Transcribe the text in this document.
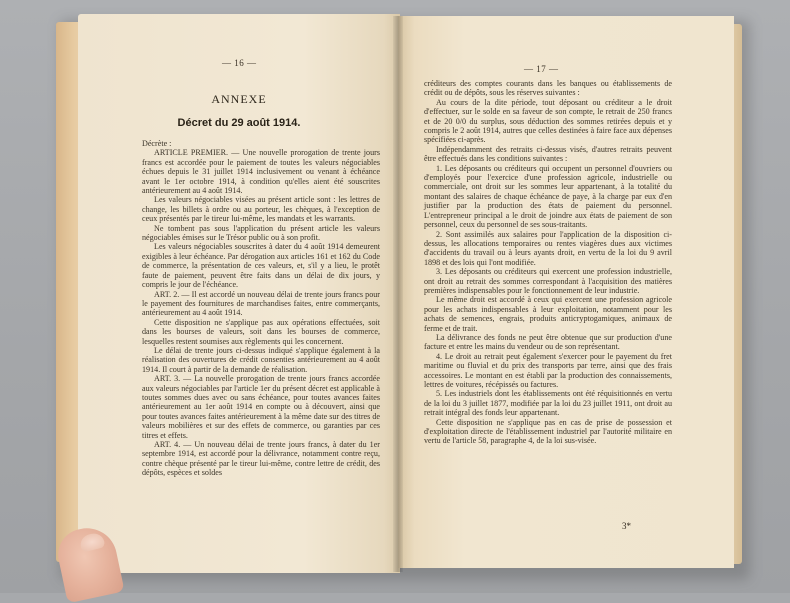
— 16 —
ANNEXE
Décret du 29 août 1914.

Décrète :

ARTICLE PREMIER. — Une nouvelle prorogation de trente jours francs est accordée pour le paiement de toutes les valeurs négociables échues depuis le 31 juillet 1914 inclusivement ou venant à échéance avant le 1er octobre 1914, à condition qu'elles aient été souscrites antérieurement au 4 août 1914.

Les valeurs négociables visées au présent article sont : les lettres de change, les billets à ordre ou au porteur, les chèques, à l'exception de ceux présentés par le tireur lui-même, les mandats et les warrants.

Ne tombent pas sous l'application du présent article les valeurs négociables émises sur le Trésor public ou à son profit.

Les valeurs négociables souscrites à dater du 4 août 1914 demeurent exigibles à leur échéance. Par dérogation aux articles 161 et 162 du Code de commerce, la présentation de ces valeurs, et, s'il y a lieu, le protêt faute de paiement, peuvent être faits dans un délai de dix jours, y compris le jour de l'échéance.

ART. 2. — Il est accordé un nouveau délai de trente jours francs pour le payement des fournitures de marchandises faites, entre commerçants, antérieurement au 4 août 1914.

Cette disposition ne s'applique pas aux opérations effectuées, soit dans les bourses de valeurs, soit dans les bourses de commerce, lesquelles restent soumises aux règlements qui les concernent.

Le délai de trente jours ci-dessus indiqué s'applique également à la réalisation des ouvertures de crédit consenties antérieurement au 4 août 1914. Il court à partir de la demande de réalisation.

ART. 3. — La nouvelle prorogation de trente jours francs accordée aux valeurs négociables par l'article 1er du présent décret est applicable à toutes sommes dues avec ou sans échéance, pour toutes avances faites antérieurement au 1er août 1914 en compte ou à découvert, ainsi que pour toutes avances faites antérieurement à la même date sur des titres de valeurs mobilières et sur des effets de commerce, ou garanties par ces titres et effets.

ART. 4. — Un nouveau délai de trente jours francs, à dater du 1er septembre 1914, est accordé pour la délivrance, notamment contre reçu, contre chèque présenté par le tireur lui-même, contre lettre de crédit, des dépôts, espèces et soldes

— 17 —

créditeurs des comptes courants dans les banques ou établissements de crédit ou de dépôts, sous les réserves suivantes :

Au cours de la dite période, tout déposant ou créditeur a le droit d'effectuer, sur le solde en sa faveur de son compte, le retrait de 250 francs et de 20 0/0 du surplus, sous déduction des sommes retirées depuis et y compris le 2 août 1914, autres que celles destinées à faire face aux dépenses spécifiées ci-après.

Indépendamment des retraits ci-dessus visés, d'autres retraits peuvent être effectués dans les conditions suivantes :

1. Les déposants ou créditeurs qui occupent un personnel d'ouvriers ou d'employés pour l'exercice d'une profession agricole, industrielle ou commerciale, ont droit sur les sommes leur appartenant, à la totalité du montant des salaires de chaque échéance de paye, à la charge par eux d'en justifier par la production des états de paiement du personnel. L'entrepreneur principal a le droit de joindre aux états de paiement de son personnel, ceux du personnel de ses sous-traitants.

2. Sont assimilés aux salaires pour l'application de la disposition ci-dessus, les allocations temporaires ou rentes viagères dues aux victimes d'accidents du travail ou à leurs ayants droit, en vertu de la loi du 9 avril 1898 et des lois qui l'ont modifiée.

3. Les déposants ou créditeurs qui exercent une profession industrielle, ont droit au retrait des sommes correspondant à l'acquisition des matières premières indispensables pour le fonctionnement de leur industrie.

Le même droit est accordé à ceux qui exercent une profession agricole pour les achats indispensables à leur exploitation, notamment pour les achats de semences, engrais, produits anticryptogamiques, animaux de ferme et de trait.

La délivrance des fonds ne peut être obtenue que sur production d'une facture et entre les mains du vendeur ou de son représentant.

4. Le droit au retrait peut également s'exercer pour le payement du fret maritime ou fluvial et du prix des transports par terre, ainsi que des frais accessoires. Le montant en est établi par la production des connaissements, lettres de voitures, récépissés ou factures.

5. Les industriels dont les établissements ont été réquisitionnés en vertu de la loi du 3 juillet 1877, modifiée par la loi du 23 juillet 1911, ont droit au retrait intégral des fonds leur appartenant.

Cette disposition ne s'applique pas en cas de prise de possession et d'exploitation directe de l'établissement industriel par l'autorité militaire en vertu de l'article 58, paragraphe 4, de la loi sus-visée.

3*
